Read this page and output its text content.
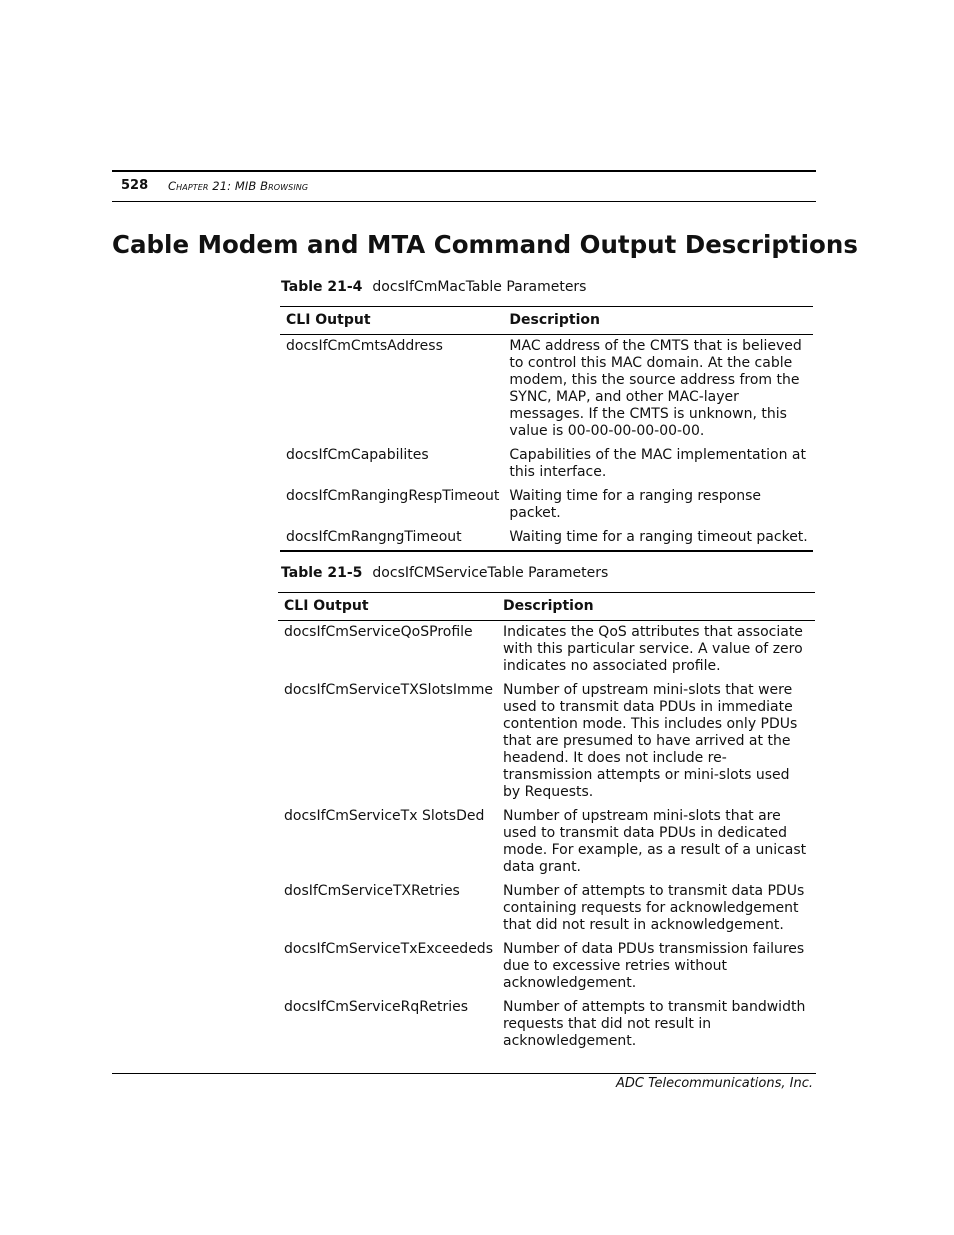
528 Chapter 21: MIB Browsing
Cable Modem and MTA Command Output Descriptions
Table 21-4 docsIfCmMacTable Parameters
CLI Output	Description
docsIfCmCmtsAddress	MAC address of the CMTS that is believed to control this MAC domain. At the cable modem, this the source address from the SYNC, MAP, and other MAC-layer messages. If the CMTS is unknown, this value is 00-00-00-00-00-00.
docsIfCmCapabilites	Capabilities of the MAC implementation at this interface.
docsIfCmRangingRespTimeout	Waiting time for a ranging response packet.
docsIfCmRangngTimeout	Waiting time for a ranging timeout packet.
Table 21-5 docsIfCMServiceTable Parameters
CLI Output	Description
docsIfCmServiceQoSProfile	Indicates the QoS attributes that associate with this particular service. A value of zero indicates no associated profile.
docsIfCmServiceTXSlotsImme	Number of upstream mini-slots that were used to transmit data PDUs in immediate contention mode. This includes only PDUs that are presumed to have arrived at the headend. It does not include re-transmission attempts or mini-slots used by Requests.
docsIfCmServiceTx SlotsDed	Number of upstream mini-slots that are used to transmit data PDUs in dedicated mode. For example, as a result of a unicast data grant.
dosIfCmServiceTXRetries	Number of attempts to transmit data PDUs containing requests for acknowledgement that did not result in acknowledgement.
docsIfCmServiceTxExceededs	Number of data PDUs transmission failures due to excessive retries without acknowledgement.
docsIfCmServiceRqRetries	Number of attempts to transmit bandwidth requests that did not result in acknowledgement.
ADC Telecommunications, Inc.
